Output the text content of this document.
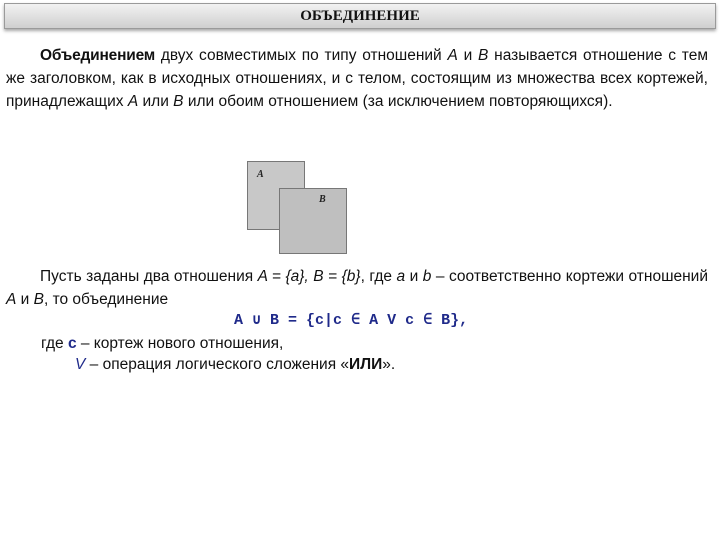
ОБЪЕДИНЕНИЕ
Объединением двух совместимых по типу отношений A и B называется отношение с тем же заголовком, как в исходных отношениях, и с телом, состоящим из множества всех кортежей, принадлежащих A или B или обоим отношением (за исключением повторяющихся).
A
B
Пусть заданы два отношения A = {a}, B = {b}, где a и b – соответственно кортежи отношений A и B, то объединение
A ∪ B = {c|c ∈ A V c ∈ B},
где c – кортеж нового отношения,
V – операция логического сложения «ИЛИ».
